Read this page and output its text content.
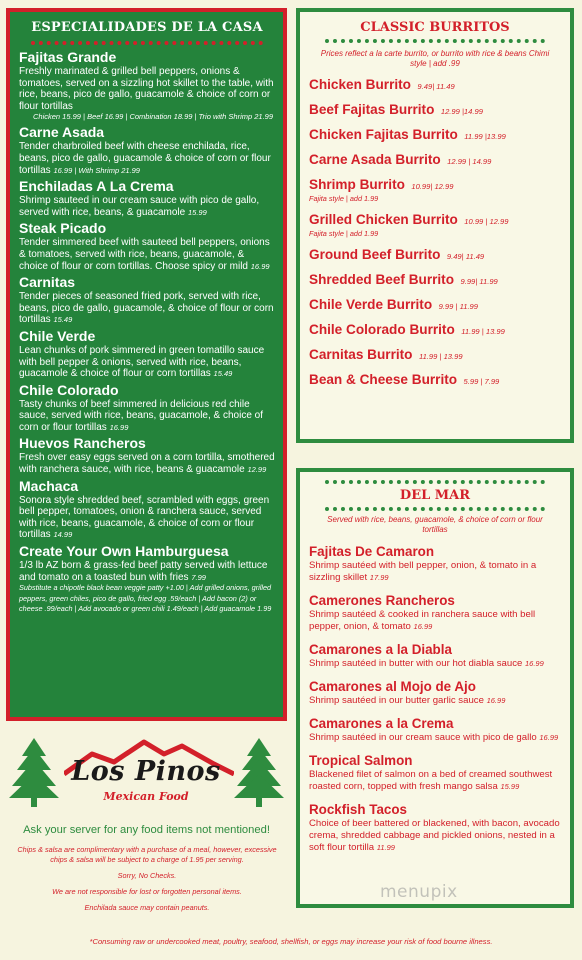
ESPECIALIDADES DE LA CASA
Fajitas Grande
Freshly marinated & grilled bell peppers, onions & tomatoes, served on a sizzling hot skillet to the table, with rice, beans, pico de gallo, guacamole & choice of corn or flour tortillas
Chicken 15.99 | Beef 16.99 | Combination 18.99 | Trio with Shrimp 21.99
Carne Asada
Tender charbroiled beef with cheese enchilada, rice, beans, pico de gallo, guacamole & choice of corn or flour tortillas 16.99 | With Shrimp 21.99
Enchiladas A La Crema
Shrimp sauteed in our cream sauce with pico de gallo, served with rice, beans, & guacamole 15.99
Steak Picado
Tender simmered beef with sauteed bell peppers, onions & tomatoes, served with rice, beans, guacamole, & choice of flour or corn tortillas. Choose spicy or mild 16.99
Carnitas
Tender pieces of seasoned fried pork, served with rice, beans, pico de gallo, guacamole, & choice of flour or corn tortillas 15.49
Chile Verde
Lean chunks of pork simmered in green tomatillo sauce with bell pepper & onions, served with rice, beans, guacamole & choice of flour or corn tortillas 15.49
Chile Colorado
Tasty chunks of beef simmered in delicious red chile sauce, served with rice, beans, guacamole, & choice of corn or flour tortillas 16.99
Huevos Rancheros
Fresh over easy eggs served on a corn tortilla, smothered with ranchera sauce, with rice, beans & guacamole 12.99
Machaca
Sonora style shredded beef, scrambled with eggs, green bell pepper, tomatoes, onion & ranchera sauce, served with rice, beans, guacamole, & choice of corn or flour tortillas 14.99
Create Your Own Hamburguesa
1/3 lb AZ born & grass-fed beef patty served with lettuce and tomato on a toasted bun with fries 7.99
Substitute a chipotle black bean veggie patty +1.00 | Add grilled onions, grilled peppers, green chiles, pico de gallo, fried egg .59/each | Add bacon (2) or cheese .99/each | Add avocado or green chili 1.49/each | Add guacamole 1.99
CLASSIC BURRITOS
Prices reflect a la carte burrito, or burrito with rice & beans Chimi style | add .99
Chicken Burrito 9.49| 11.49
Beef Fajitas Burrito 12.99 |14.99
Chicken Fajitas Burrito 11.99 |13.99
Carne Asada Burrito 12.99 | 14.99
Shrimp Burrito 10.99| 12.99
Fajita style | add 1.99
Grilled Chicken Burrito 10.99 | 12.99
Fajita style | add 1.99
Ground Beef Burrito 9.49| 11.49
Shredded Beef Burrito 9.99| 11.99
Chile Verde Burrito 9.99 | 11.99
Chile Colorado Burrito 11.99 | 13.99
Carnitas Burrito 11.99 | 13.99
Bean & Cheese Burrito 5.99 | 7.99
DEL MAR
Served with rice, beans, guacamole, & choice of corn or flour tortillas
Fajitas De Camaron
Shrimp sautéed with bell pepper, onion, & tomato in a sizzling skillet 17.99
Camerones Rancheros
Shrimp sautéed & cooked in ranchera sauce with bell pepper, onion, & tomato 16.99
Camarones a la Diabla
Shrimp sautéed in butter with our hot diabla sauce 16.99
Camarones al Mojo de Ajo
Shrimp sautéed in our butter garlic sauce 16.99
Camarones a la Crema
Shrimp sautéed in our cream sauce with pico de gallo 16.99
Tropical Salmon
Blackened filet of salmon on a bed of creamed southwest roasted corn, topped with fresh mango salsa 15.99
Rockfish Tacos
Choice of beer battered or blackened, with bacon, avocado crema, shredded cabbage and pickled onions, nested in a soft flour tortilla 11.99
Los Pinos
Mexican Food
Ask your server for any food items not mentioned!

Chips & salsa are complimentary with a purchase of a meal, however, excessive chips & salsa will be subject to a charge of 1.95 per serving.

Sorry, No Checks.

We are not responsible for lost or forgotten personal items.

Enchilada sauce may contain peanuts.

menupix
*Consuming raw or undercooked meat, poultry, seafood, shellfish, or eggs may increase your risk of food bourne illness.
